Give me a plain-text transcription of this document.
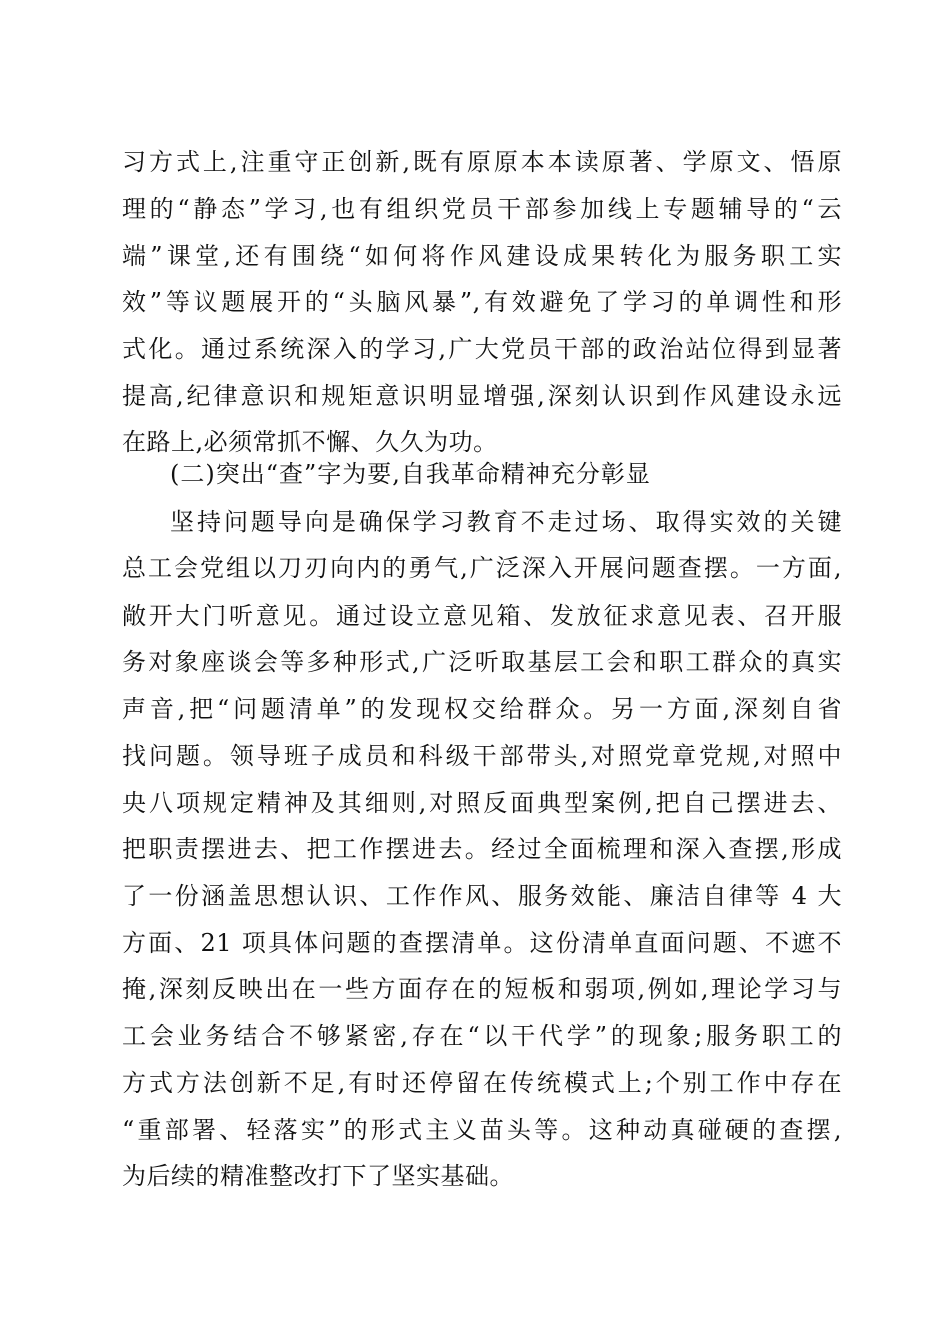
习方式上,注重守正创新,既有原原本本读原著、学原文、悟原
理的“静态”学习,也有组织党员干部参加线上专题辅导的“云
端”课堂,还有围绕“如何将作风建设成果转化为服务职工实
效”等议题展开的“头脑风暴”,有效避免了学习的单调性和形
式化。通过系统深入的学习,广大党员干部的政治站位得到显著
提高,纪律意识和规矩意识明显增强,深刻认识到作风建设永远
在路上,必须常抓不懈、久久为功。
(二)突出“查”字为要,自我革命精神充分彰显
坚持问题导向是确保学习教育不走过场、取得实效的关键
总工会党组以刀刃向内的勇气,广泛深入开展问题查摆。一方面,
敞开大门听意见。通过设立意见箱、发放征求意见表、召开服
务对象座谈会等多种形式,广泛听取基层工会和职工群众的真实
声音,把“问题清单”的发现权交给群众。另一方面,深刻自省
找问题。领导班子成员和科级干部带头,对照党章党规,对照中
央八项规定精神及其细则,对照反面典型案例,把自己摆进去、
把职责摆进去、把工作摆进去。经过全面梳理和深入查摆,形成
了一份涵盖思想认识、工作作风、服务效能、廉洁自律等 4 大
方面、21 项具体问题的查摆清单。这份清单直面问题、不遮不
掩,深刻反映出在一些方面存在的短板和弱项,例如,理论学习与
工会业务结合不够紧密,存在“以干代学”的现象;服务职工的
方式方法创新不足,有时还停留在传统模式上;个别工作中存在
“重部署、轻落实”的形式主义苗头等。这种动真碰硬的查摆,
为后续的精准整改打下了坚实基础。
